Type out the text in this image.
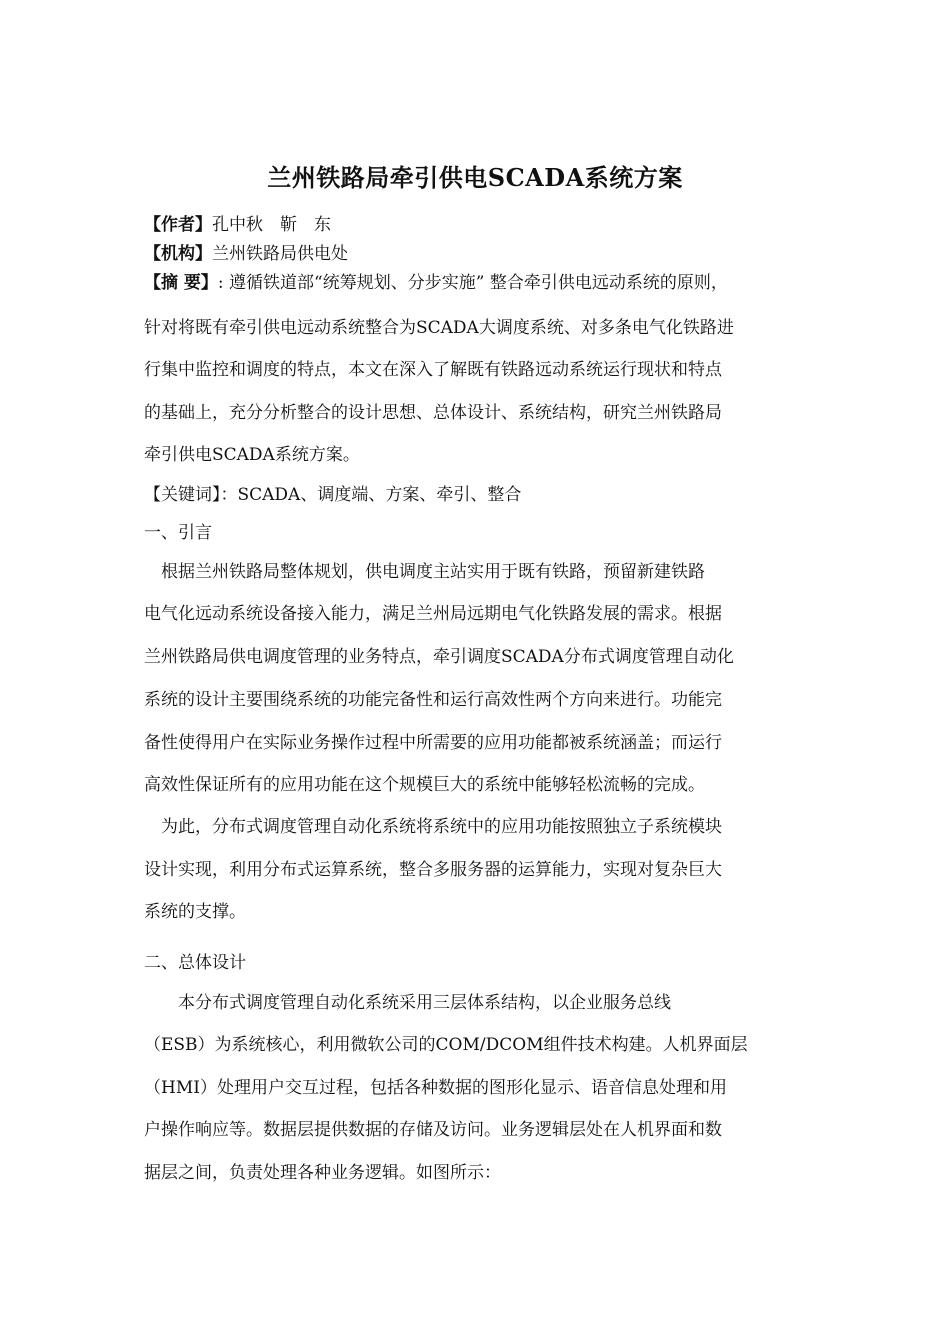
兰州铁路局牵引供电SCADA系统方案
【作者】孔中秋　靳　东
【机构】兰州铁路局供电处
【摘 要】: 遵循铁道部“统筹规划、分步实施” 整合牵引供电远动系统的原则，
针对将既有牵引供电远动系统整合为SCADA大调度系统、对多条电气化铁路进
行集中监控和调度的特点，本文在深入了解既有铁路远动系统运行现状和特点
的基础上，充分分析整合的设计思想、总体设计、系统结构，研究兰州铁路局
牵引供电SCADA系统方案。
【关键词】：SCADA、调度端、方案、牵引、整合
一、引言
　根据兰州铁路局整体规划，供电调度主站实用于既有铁路，预留新建铁路
电气化远动系统设备接入能力，满足兰州局远期电气化铁路发展的需求。根据
兰州铁路局供电调度管理的业务特点，牵引调度SCADA分布式调度管理自动化
系统的设计主要围绕系统的功能完备性和运行高效性两个方向来进行。功能完
备性使得用户在实际业务操作过程中所需要的应用功能都被系统涵盖；而运行
高效性保证所有的应用功能在这个规模巨大的系统中能够轻松流畅的完成。
　为此，分布式调度管理自动化系统将系统中的应用功能按照独立子系统模块
设计实现，利用分布式运算系统，整合多服务器的运算能力，实现对复杂巨大
系统的支撑。
二、总体设计
　　本分布式调度管理自动化系统采用三层体系结构，以企业服务总线
（ESB）为系统核心，利用微软公司的COM/DCOM组件技术构建。人机界面层
（HMI）处理用户交互过程，包括各种数据的图形化显示、语音信息处理和用
户操作响应等。数据层提供数据的存储及访问。业务逻辑层处在人机界面和数
据层之间，负责处理各种业务逻辑。如图所示：
